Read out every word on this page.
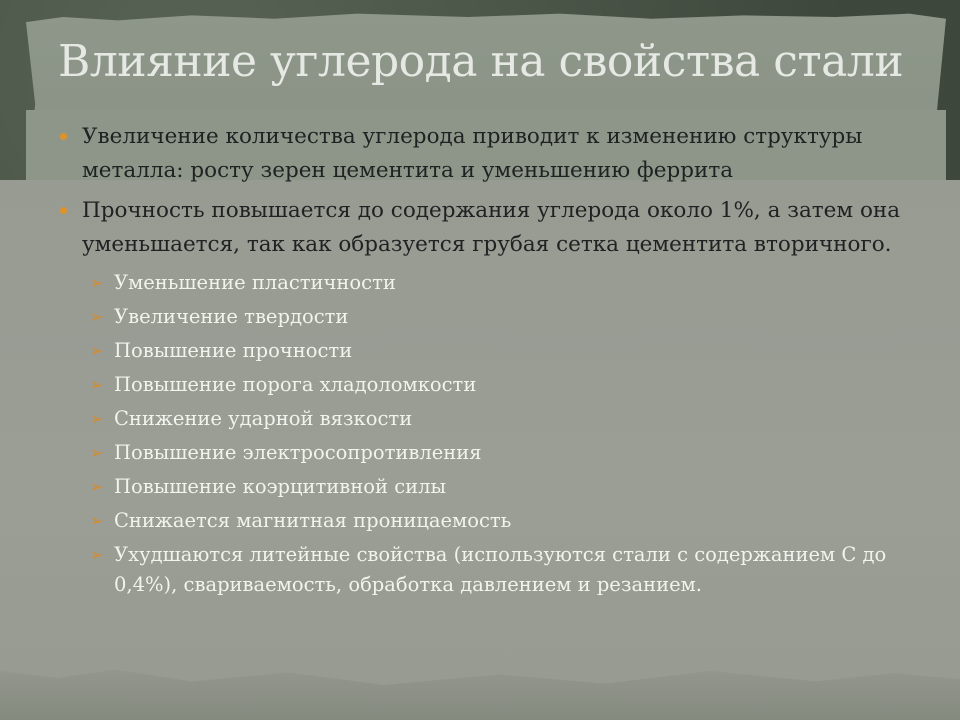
Влияние углерода на свойства стали
Увеличение количества углерода приводит к изменению структуры металла: росту зерен цементита и уменьшению феррита
Прочность повышается до содержания углерода около 1%, а затем она уменьшается, так как образуется грубая сетка цементита вторичного.
➢ Уменьшение пластичности
➢ Увеличение твердости
➢ Повышение прочности
➢ Повышение порога хладоломкости
➢ Снижение ударной вязкости
➢ Повышение электросопротивления
➢ Повышение коэрцитивной силы
➢ Снижается магнитная проницаемость
➢ Ухудшаются литейные свойства (используются стали с содержанием С до 0,4%), свариваемость, обработка давлением и резанием.
